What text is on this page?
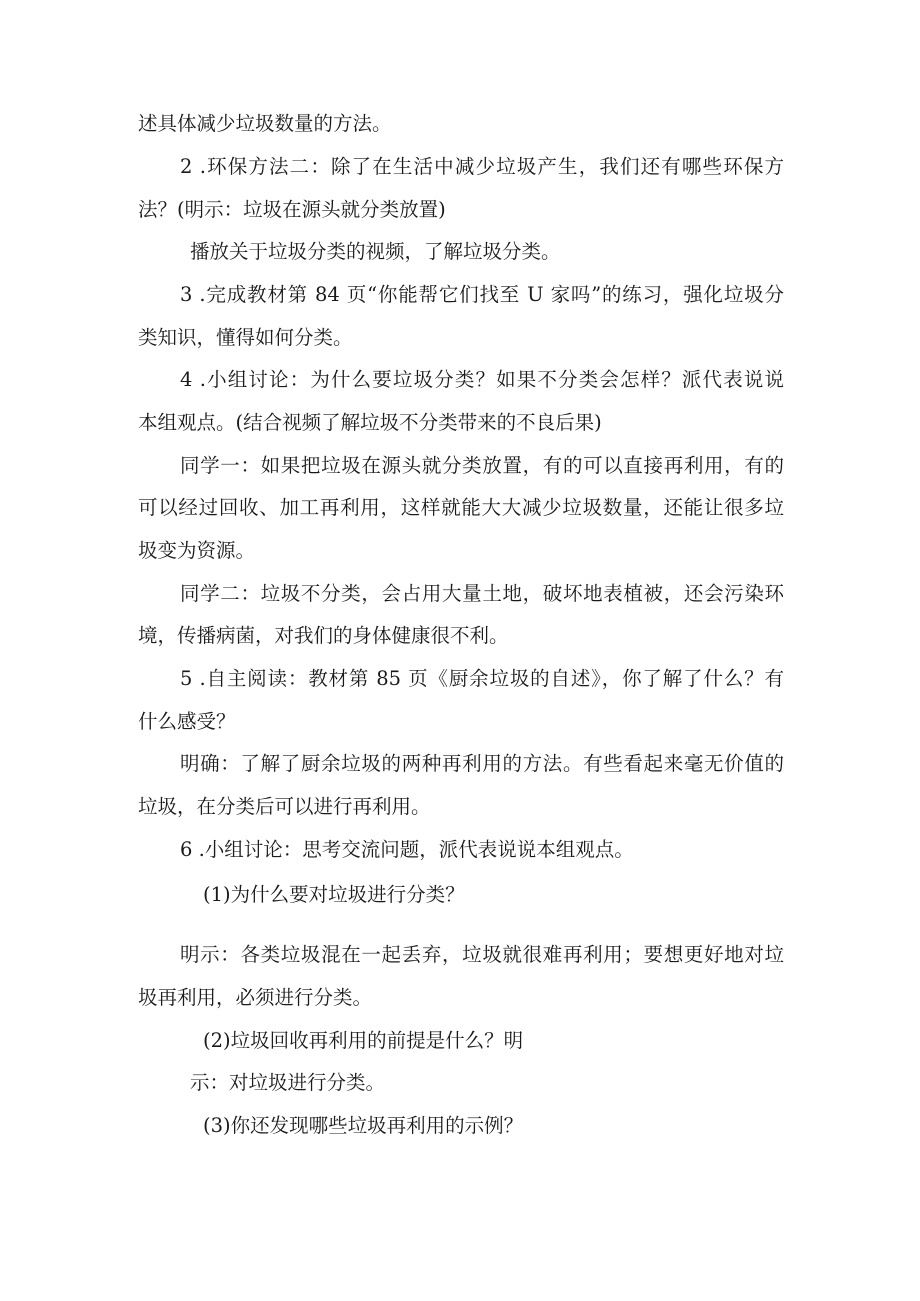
述具体减少垃圾数量的方法。

2 .环保方法二：除了在生活中减少垃圾产生，我们还有哪些环保方

法？(明示：垃圾在源头就分类放置)

播放关于垃圾分类的视频，了解垃圾分类。

3 .完成教材第 84 页“你能帮它们找至 U 家吗”的练习，强化垃圾分

类知识，懂得如何分类。

4 .小组讨论：为什么要垃圾分类？如果不分类会怎样？派代表说说

本组观点。(结合视频了解垃圾不分类带来的不良后果)

同学一：如果把垃圾在源头就分类放置，有的可以直接再利用，有的

可以经过回收、加工再利用，这样就能大大减少垃圾数量，还能让很多垃

圾变为资源。

同学二：垃圾不分类，会占用大量土地，破坏地表植被，还会污染环

境，传播病菌，对我们的身体健康很不利。

5 .自主阅读：教材第 85 页《厨余垃圾的自述》，你了解了什么？有

什么感受？

明确：了解了厨余垃圾的两种再利用的方法。有些看起来毫无价值的

垃圾，在分类后可以进行再利用。

6 .小组讨论：思考交流问题，派代表说说本组观点。

(1)为什么要对垃圾进行分类？

明示：各类垃圾混在一起丢弃，垃圾就很难再利用；要想更好地对垃

圾再利用，必须进行分类。

(2)垃圾回收再利用的前提是什么？明

示：对垃圾进行分类。

(3)你还发现哪些垃圾再利用的示例？
